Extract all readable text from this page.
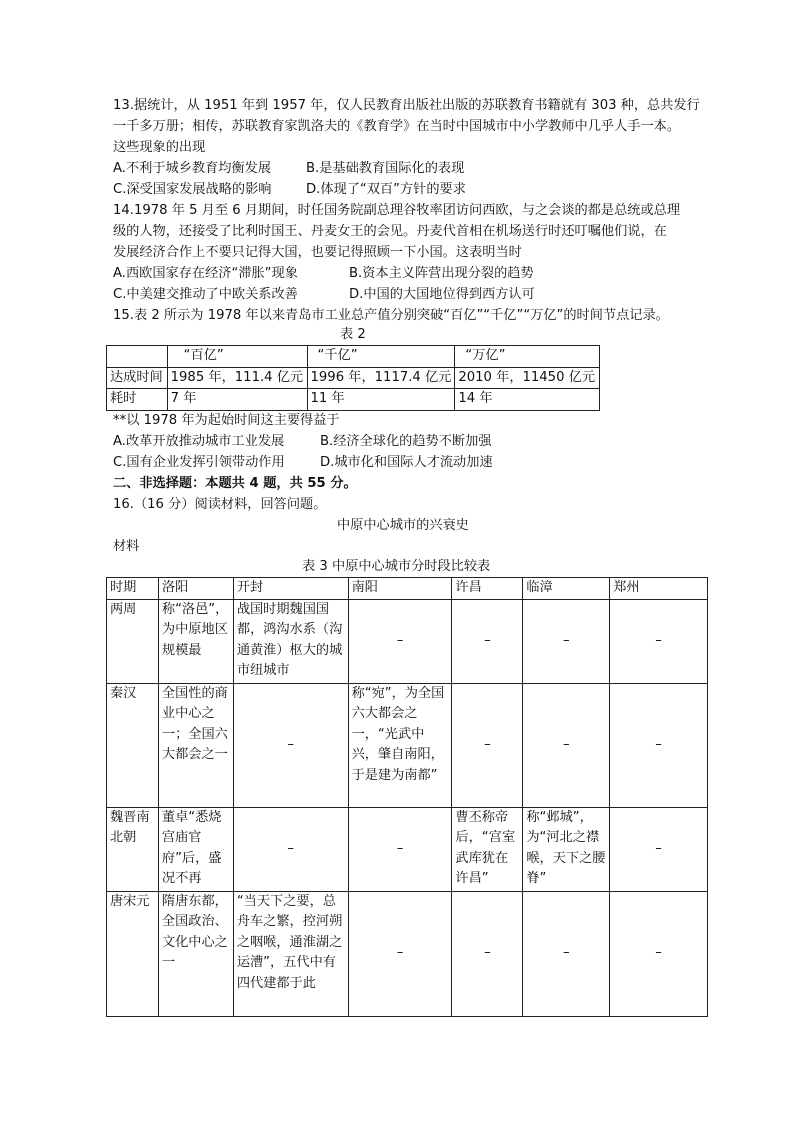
13.据统计，从 1951 年到 1957 年，仅人民教育出版社出版的苏联教育书籍就有 303 种，总共发行
一千多万册；相传，苏联教育家凯洛夫的《教育学》在当时中国城市中小学教师中几乎人手一本。
这些现象的出现
A.不利于城乡教育均衡发展	B.是基础教育国际化的表现
C.深受国家发展战略的影响	D.体现了“双百”方针的要求
14.1978 年 5 月至 6 月期间，时任国务院副总理谷牧率团访问西欧，与之会谈的都是总统或总理
级的人物，还接受了比利时国王、丹麦女王的会见。丹麦代首相在机场送行时还叮嘱他们说，在
发展经济合作上不要只记得大国，也要记得照顾一下小国。这表明当时
A.西欧国家存在经济“滞胀”现象	B.资本主义阵营出现分裂的趋势
C.中美建交推动了中欧关系改善	D.中国的大国地位得到西方认可
15.表 2 所示为 1978 年以来青岛市工业总产值分别突破“百亿”“千亿”“万亿”的时间节点记录。
表 2
	“百亿”	“千亿”	“万亿”
达成时间	1985 年，111.4 亿元	1996 年，1117.4 亿元	2010 年，11450 亿元
耗时	7 年	11 年	14 年
**以 1978 年为起始时间这主要得益于
A.改革开放推动城市工业发展	B.经济全球化的趋势不断加强
C.国有企业发挥引领带动作用	D.城市化和国际人才流动加速
二、非选择题：本题共 4 题，共 55 分。
16.（16 分）阅读材料，回答问题。
中原中心城市的兴衰史
材料
表 3 中原中心城市分时段比较表
时期	洛阳	开封	南阳	许昌	临漳	郑州
两周	称“洛邑”，为中原地区规模最	战国时期魏国国都，鸿沟水系（沟通黄淮）枢大的城市纽城市	–	–	–	–
秦汉	全国性的商业中心之一；全国六大都会之一	–	称“宛”，为全国六大都会之一，“光武中兴，肇自南阳，于是建为南都”	–	–	–
魏晋南北朝	董卓“悉烧宫庙官府”后，盛况不再	–	–	曹丕称帝后，“宫室武库犹在许昌”	称“邺城”，为“河北之襟喉，天下之腰脊”	–
唐宋元	隋唐东都，全国政治、文化中心之一	“当天下之要，总舟车之繁，控河朔之咽喉，通淮湖之运漕”，五代中有四代建都于此	–	–	–	–
